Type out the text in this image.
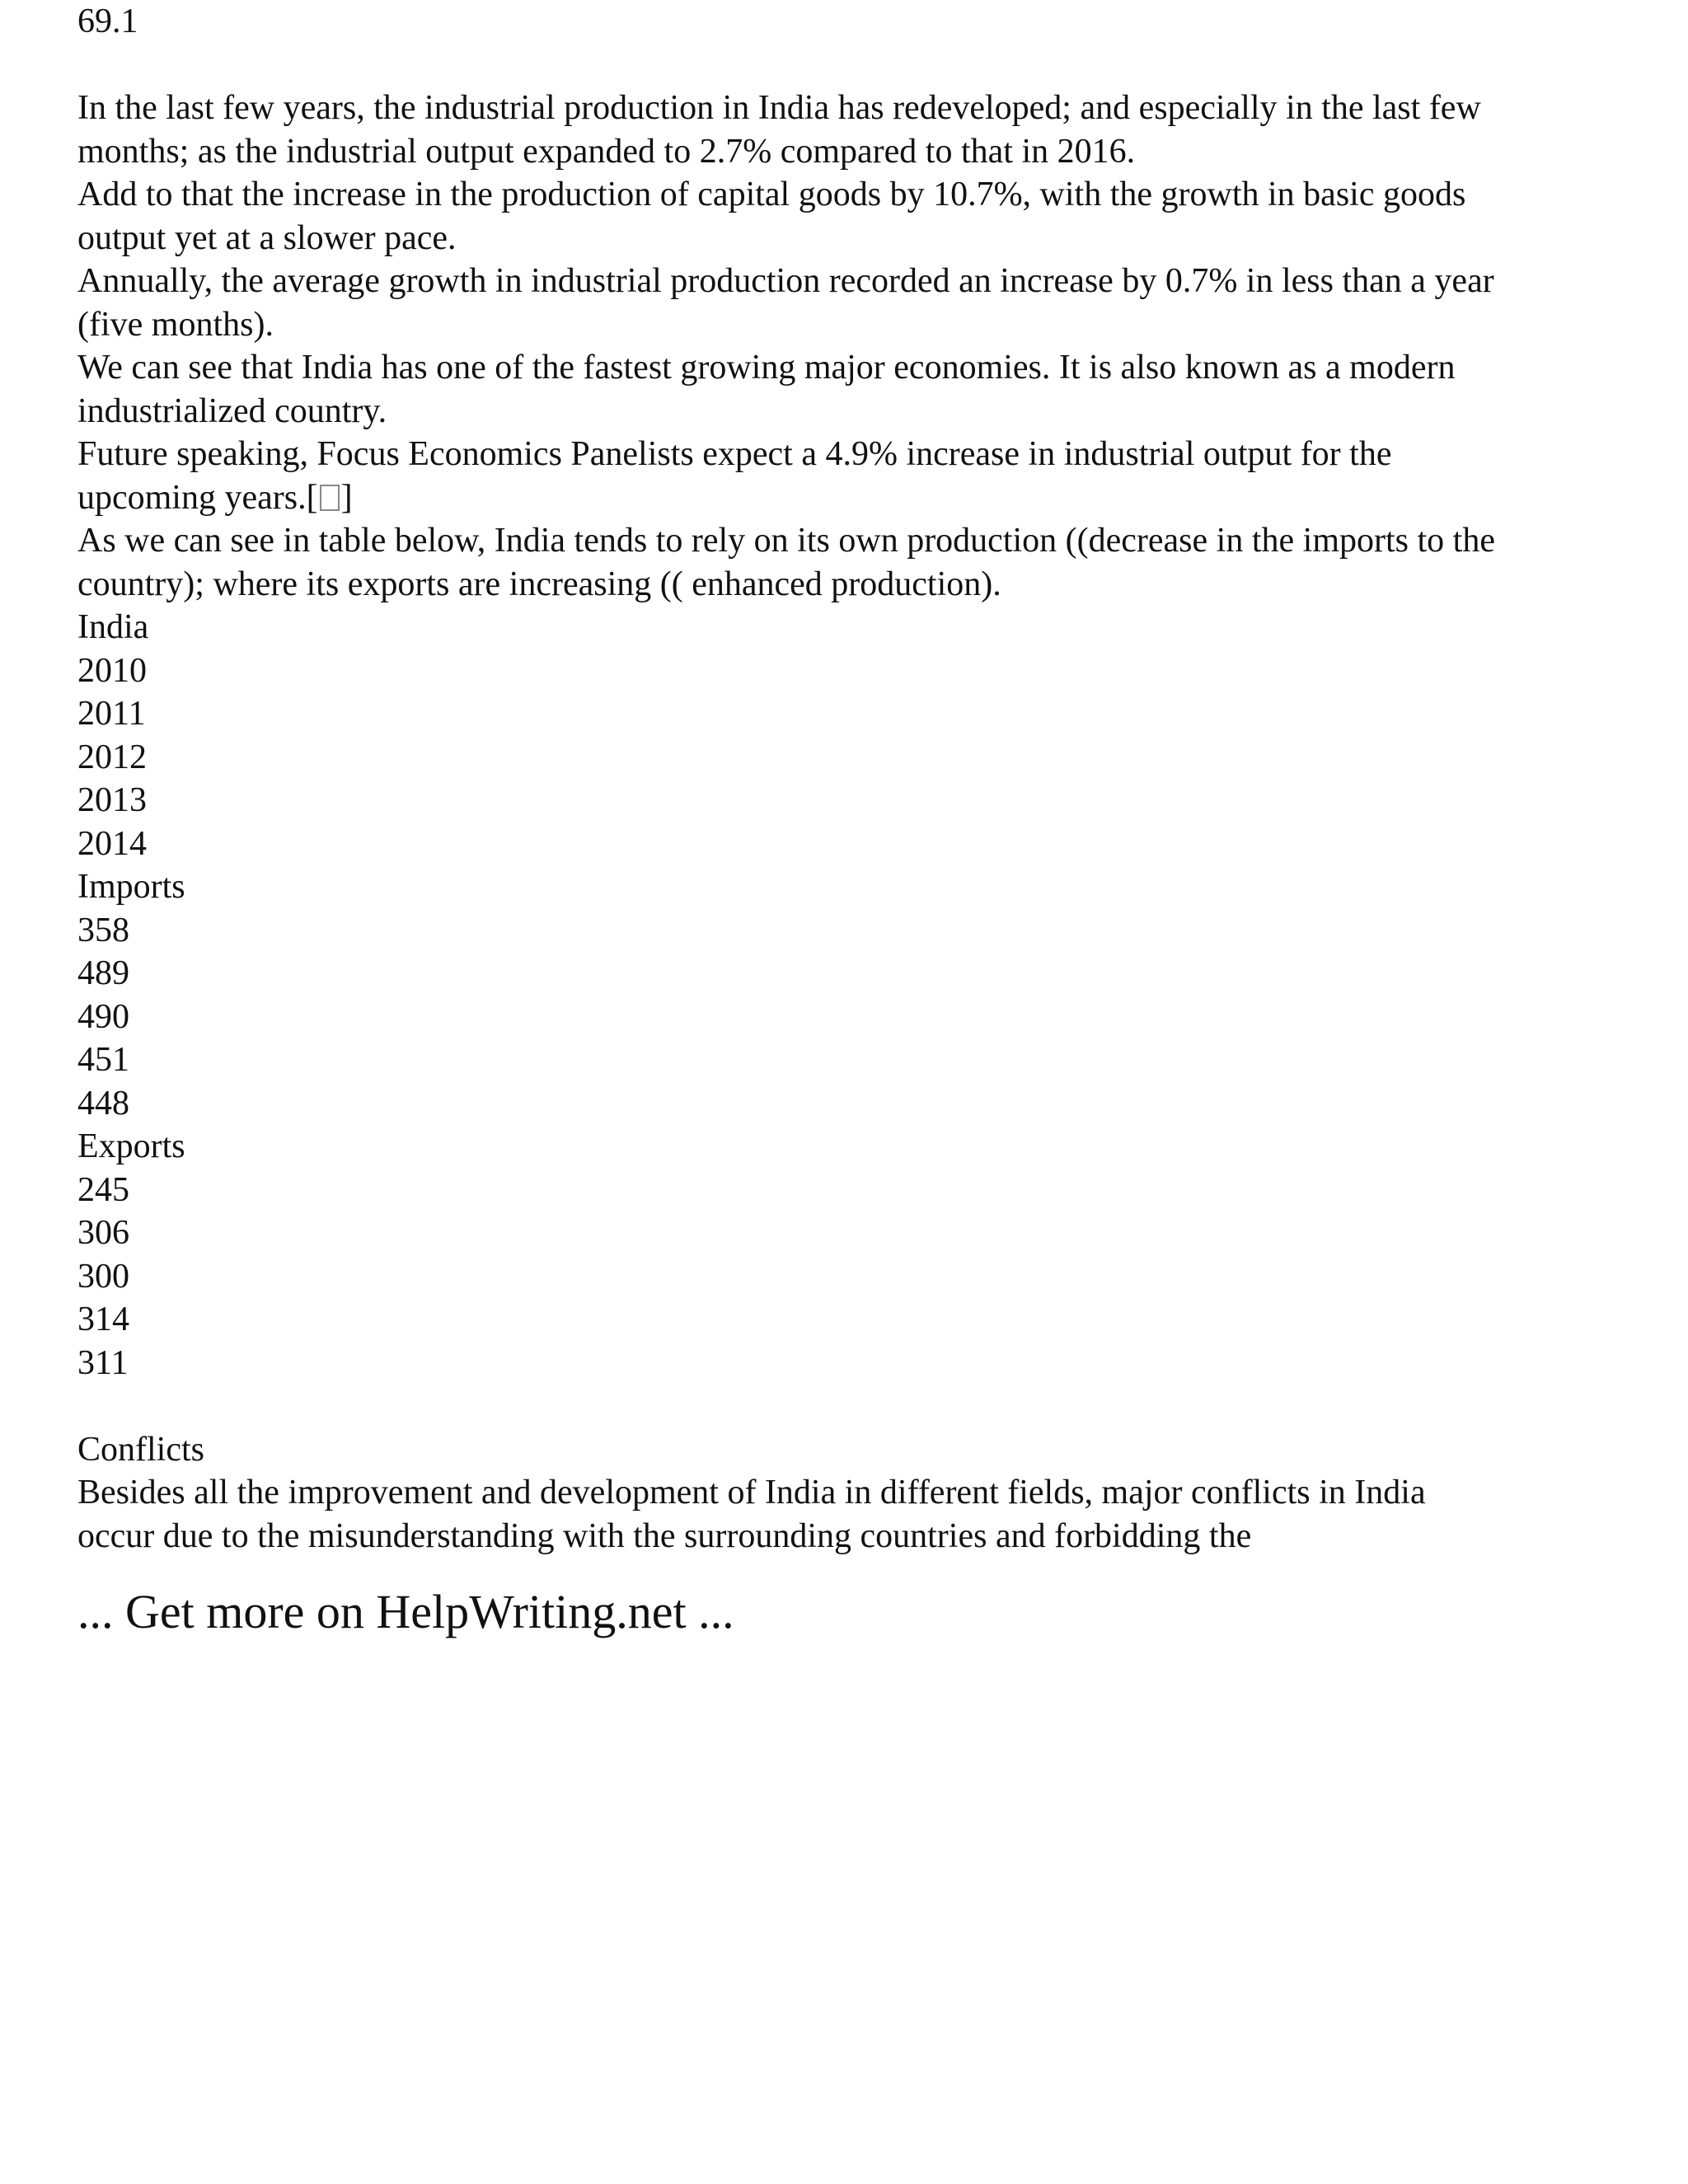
69.1

In the last few years, the industrial production in India has redeveloped; and especially in the last few

months; as the industrial output expanded to 2.7% compared to that in 2016.

Add to that the increase in the production of capital goods by 10.7%, with the growth in basic goods

output yet at a slower pace.

Annually, the average growth in industrial production recorded an increase by 0.7% in less than a year

(five months).

We can see that India has one of the fastest growing major economies. It is also known as a modern

industrialized country.

Future speaking, Focus Economics Panelists expect a 4.9% increase in industrial output for the

upcoming years.[ ]

As we can see in table below, India tends to rely on its own production ((decrease in the imports to the

country); where its exports are increasing (( enhanced production).

India

2010

2011

2012

2013

2014

Imports

358

489

490

451

448

Exports

245

306

300

314

311

Conflicts

Besides all the improvement and development of India in different fields, major conflicts in India

occur due to the misunderstanding with the surrounding countries and forbidding the

... Get more on HelpWriting.net ...
